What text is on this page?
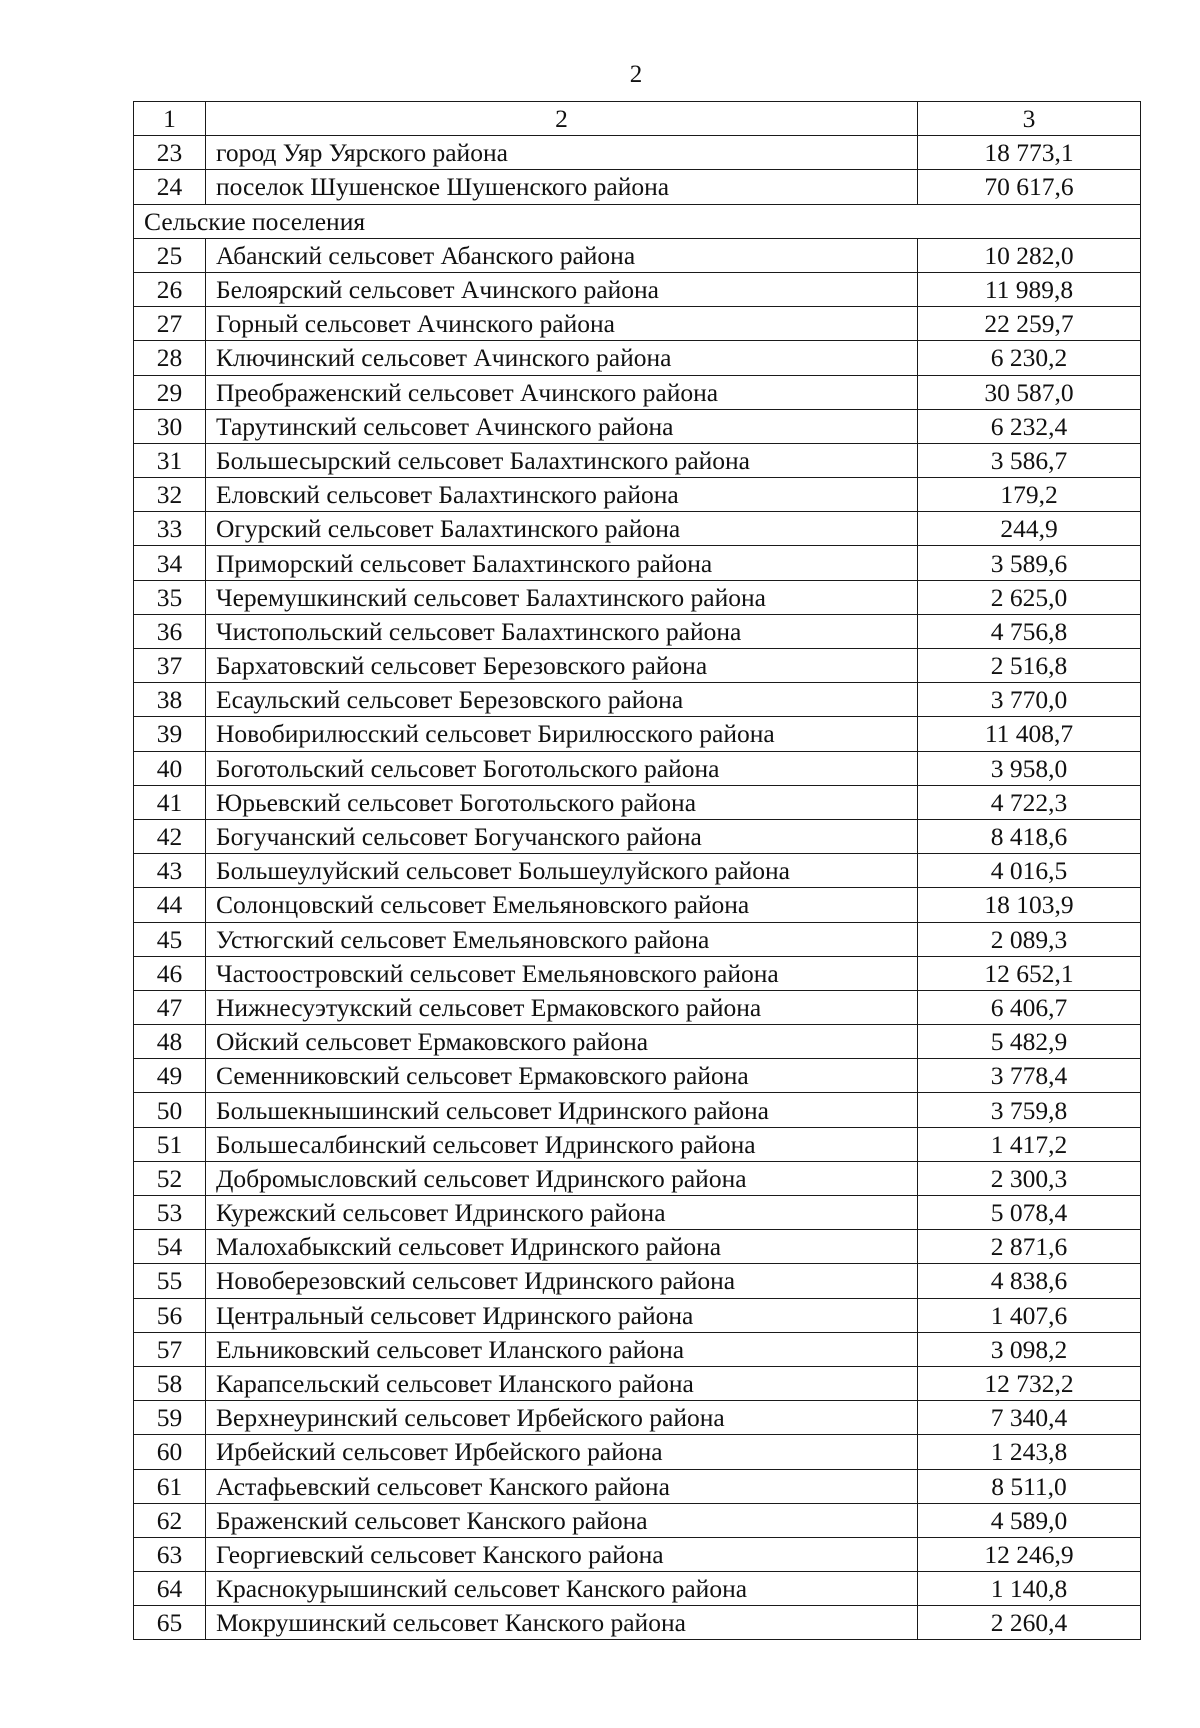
2
1	2	3
23	город Уяр Уярского района	18 773,1
24	поселок Шушенское Шушенского района	70 617,6
Сельские поселения		
25	Абанский сельсовет Абанского района	10 282,0
26	Белоярский сельсовет Ачинского района	11 989,8
27	Горный сельсовет Ачинского района	22 259,7
28	Ключинский сельсовет Ачинского района	6 230,2
29	Преображенский сельсовет Ачинского района	30 587,0
30	Тарутинский сельсовет Ачинского района	6 232,4
31	Большесырский сельсовет Балахтинского района	3 586,7
32	Еловский сельсовет Балахтинского района	179,2
33	Огурский сельсовет Балахтинского района	244,9
34	Приморский сельсовет Балахтинского района	3 589,6
35	Черемушкинский сельсовет Балахтинского района	2 625,0
36	Чистопольский сельсовет Балахтинского района	4 756,8
37	Бархатовский сельсовет Березовского района	2 516,8
38	Есаульский сельсовет Березовского района	3 770,0
39	Новобирилюсский сельсовет Бирилюсского района	11 408,7
40	Боготольский сельсовет Боготольского района	3 958,0
41	Юрьевский сельсовет Боготольского района	4 722,3
42	Богучанский сельсовет Богучанского района	8 418,6
43	Большеулуйский сельсовет Большеулуйского района	4 016,5
44	Солонцовский сельсовет Емельяновского района	18 103,9
45	Устюгский сельсовет Емельяновского района	2 089,3
46	Частоостровский сельсовет Емельяновского района	12 652,1
47	Нижнесуэтукский сельсовет Ермаковского района	6 406,7
48	Ойский сельсовет Ермаковского района	5 482,9
49	Семенниковский сельсовет Ермаковского района	3 778,4
50	Большекнышинский сельсовет Идринского района	3 759,8
51	Большесалбинский сельсовет Идринского района	1 417,2
52	Добромысловский сельсовет Идринского района	2 300,3
53	Курежский сельсовет Идринского района	5 078,4
54	Малохабыкский сельсовет Идринского района	2 871,6
55	Новоберезовский сельсовет Идринского района	4 838,6
56	Центральный сельсовет Идринского района	1 407,6
57	Ельниковский сельсовет Иланского района	3 098,2
58	Карапсельский сельсовет Иланского района	12 732,2
59	Верхнеуринский сельсовет Ирбейского района	7 340,4
60	Ирбейский сельсовет Ирбейского района	1 243,8
61	Астафьевский сельсовет Канского района	8 511,0
62	Браженский сельсовет Канского района	4 589,0
63	Георгиевский сельсовет Канского района	12 246,9
64	Краснокурышинский сельсовет Канского района	1 140,8
65	Мокрушинский сельсовет Канского района	2 260,4
